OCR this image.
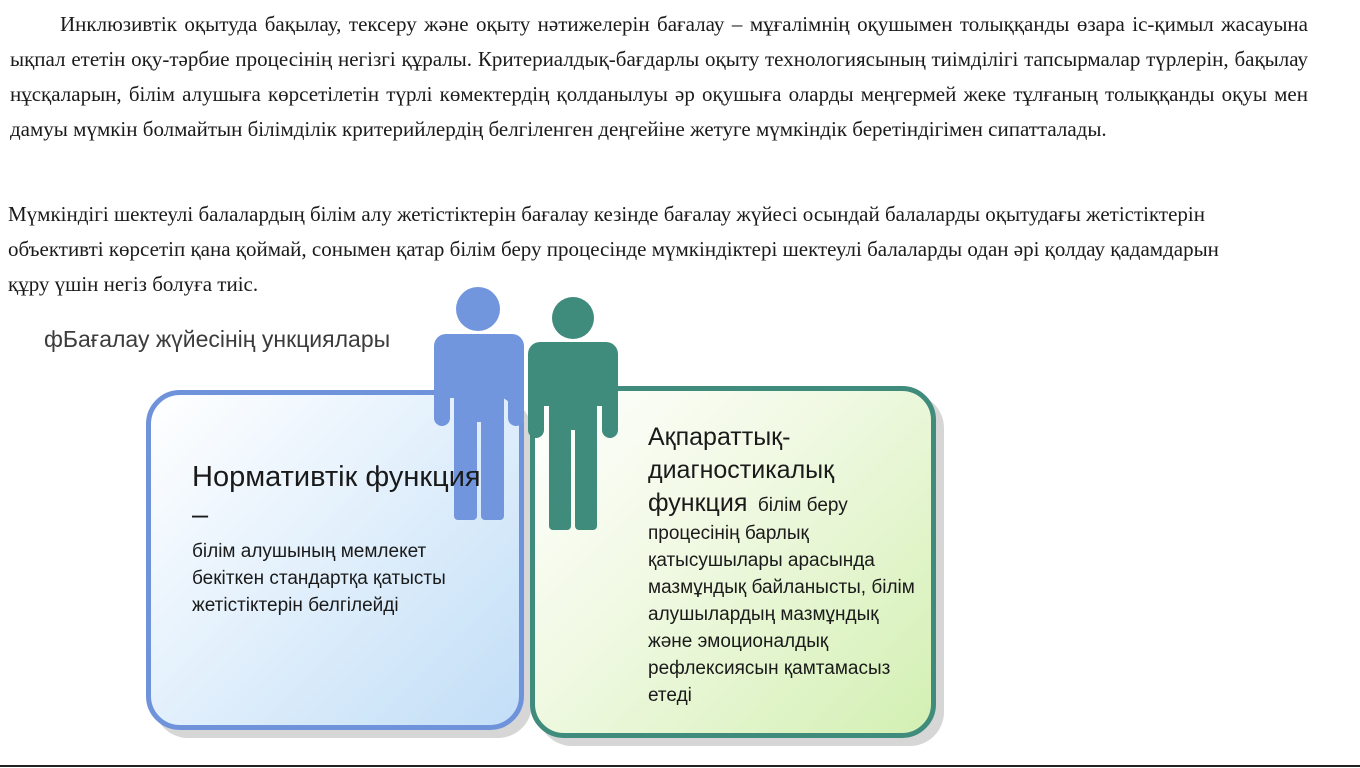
Инклюзивтік оқытуда бақылау, тексеру және оқыту нәтижелерін бағалау – мұғалімнің оқушымен толыққанды өзара іс-қимыл жасауына ықпал ететін оқу-тәрбие процесінің негізгі құралы. Критериалдық-бағдарлы оқыту технологиясының тиімділігі тапсырмалар түрлерін, бақылау нұсқаларын, білім алушыға көрсетілетін түрлі көмектердің қолданылуы әр оқушыға оларды меңгермей жеке тұлғаның толыққанды оқуы мен дамуы мүмкін болмайтын білімділік критерийлердің белгіленген деңгейіне жетуге мүмкіндік беретіндігімен сипатталады.

Мүмкіндігі шектеулі балалардың білім алу жетістіктерін бағалау кезінде бағалау жүйесі осындай балаларды оқытудағы жетістіктерін объективті көрсетіп қана қоймай, сонымен қатар білім беру процесінде мүмкіндіктері шектеулі балаларды одан әрі қолдау қадамдарын құру үшін негіз болуға тиіс.

фБағалау жүйесінің ункциялары

Нормативтік функция –

білім алушының мемлекет бекіткен стандартқа қатысты жетістіктерін белгілейді

Ақпараттық-диагностикалық функция білім беру процесінің барлық қатысушылары арасында мазмұндық байланысты, білім алушылардың мазмұндық және эмоционалдық рефлексиясын қамтамасыз етеді
